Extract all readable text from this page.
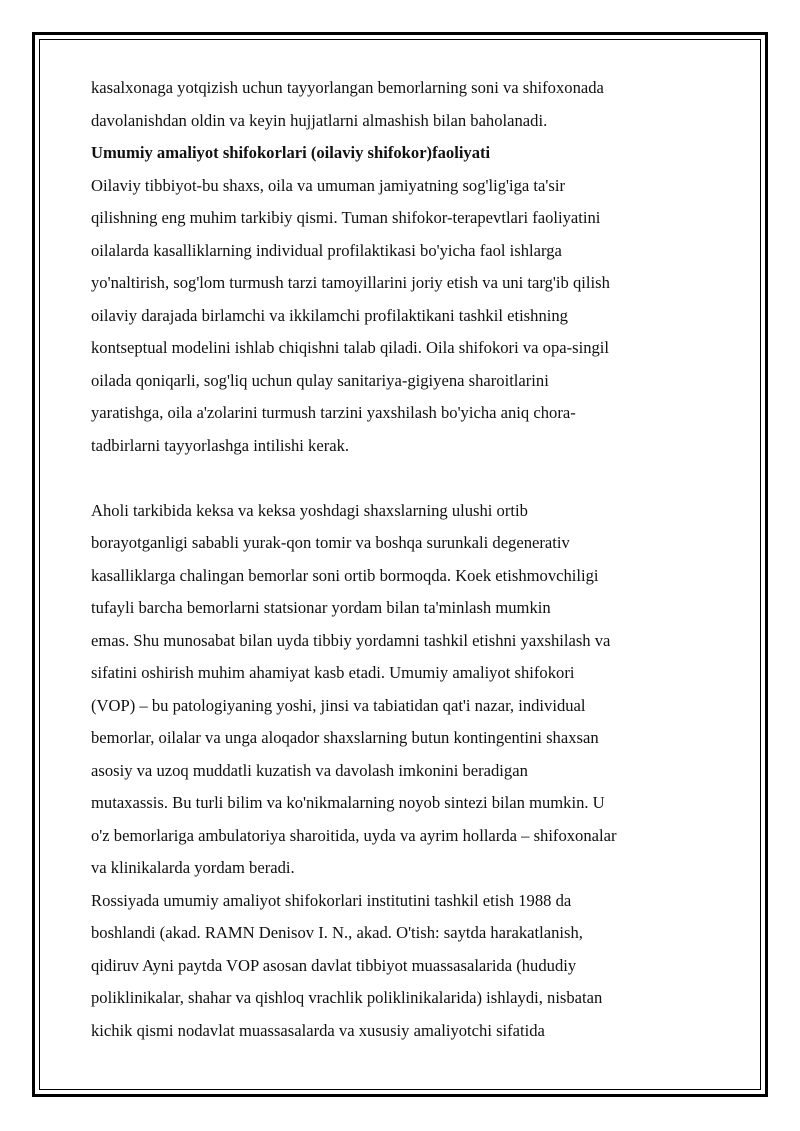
kasalxonaga yotqizish uchun tayyorlangan bemorlarning soni va shifoxonada
davolanishdan oldin va keyin hujjatlarni almashish bilan baholanadi.
Umumiy amaliyot shifokorlari (oilaviy shifokor)faoliyati
Oilaviy tibbiyot-bu shaxs, oila va umuman jamiyatning sog'lig'iga ta'sir
qilishning eng muhim tarkibiy qismi. Tuman shifokor-terapevtlari faoliyatini
oilalarda kasalliklarning individual profilaktikasi bo'yicha faol ishlarga
yo'naltirish, sog'lom turmush tarzi tamoyillarini joriy etish va uni targ'ib qilish
oilaviy darajada birlamchi va ikkilamchi profilaktikani tashkil etishning
kontseptual modelini ishlab chiqishni talab qiladi. Oila shifokori va opa-singil
oilada qoniqarli, sog'liq uchun qulay sanitariya-gigiyena sharoitlarini
yaratishga, oila a'zolarini turmush tarzini yaxshilash bo'yicha aniq chora-
tadbirlarni tayyorlashga intilishi kerak.
Aholi tarkibida keksa va keksa yoshdagi shaxslarning ulushi ortib
borayotganligi sababli yurak-qon tomir va boshqa surunkali degenerativ
kasalliklarga chalingan bemorlar soni ortib bormoqda. Koek etishmovchiligi
tufayli barcha bemorlarni statsionar yordam bilan ta'minlash mumkin
emas. Shu munosabat bilan uyda tibbiy yordamni tashkil etishni yaxshilash va
sifatini oshirish muhim ahamiyat kasb etadi. Umumiy amaliyot shifokori
(VOP) – bu patologiyaning yoshi, jinsi va tabiatidan qat'i nazar, individual
bemorlar, oilalar va unga aloqador shaxslarning butun kontingentini shaxsan
asosiy va uzoq muddatli kuzatish va davolash imkonini beradigan
mutaxassis. Bu turli bilim va ko'nikmalarning noyob sintezi bilan mumkin. U
o'z bemorlariga ambulatoriya sharoitida, uyda va ayrim hollarda – shifoxonalar
va klinikalarda yordam beradi.
Rossiyada umumiy amaliyot shifokorlari institutini tashkil etish 1988 da
boshlandi (akad. RAMN Denisov I. N., akad. O'tish: saytda harakatlanish,
qidiruv Ayni paytda VOP asosan davlat tibbiyot muassasalarida (hududiy
poliklinikalar, shahar va qishloq vrachlik poliklinikalarida) ishlaydi, nisbatan
kichik qismi nodavlat muassasalarda va xususiy amaliyotchi sifatida
